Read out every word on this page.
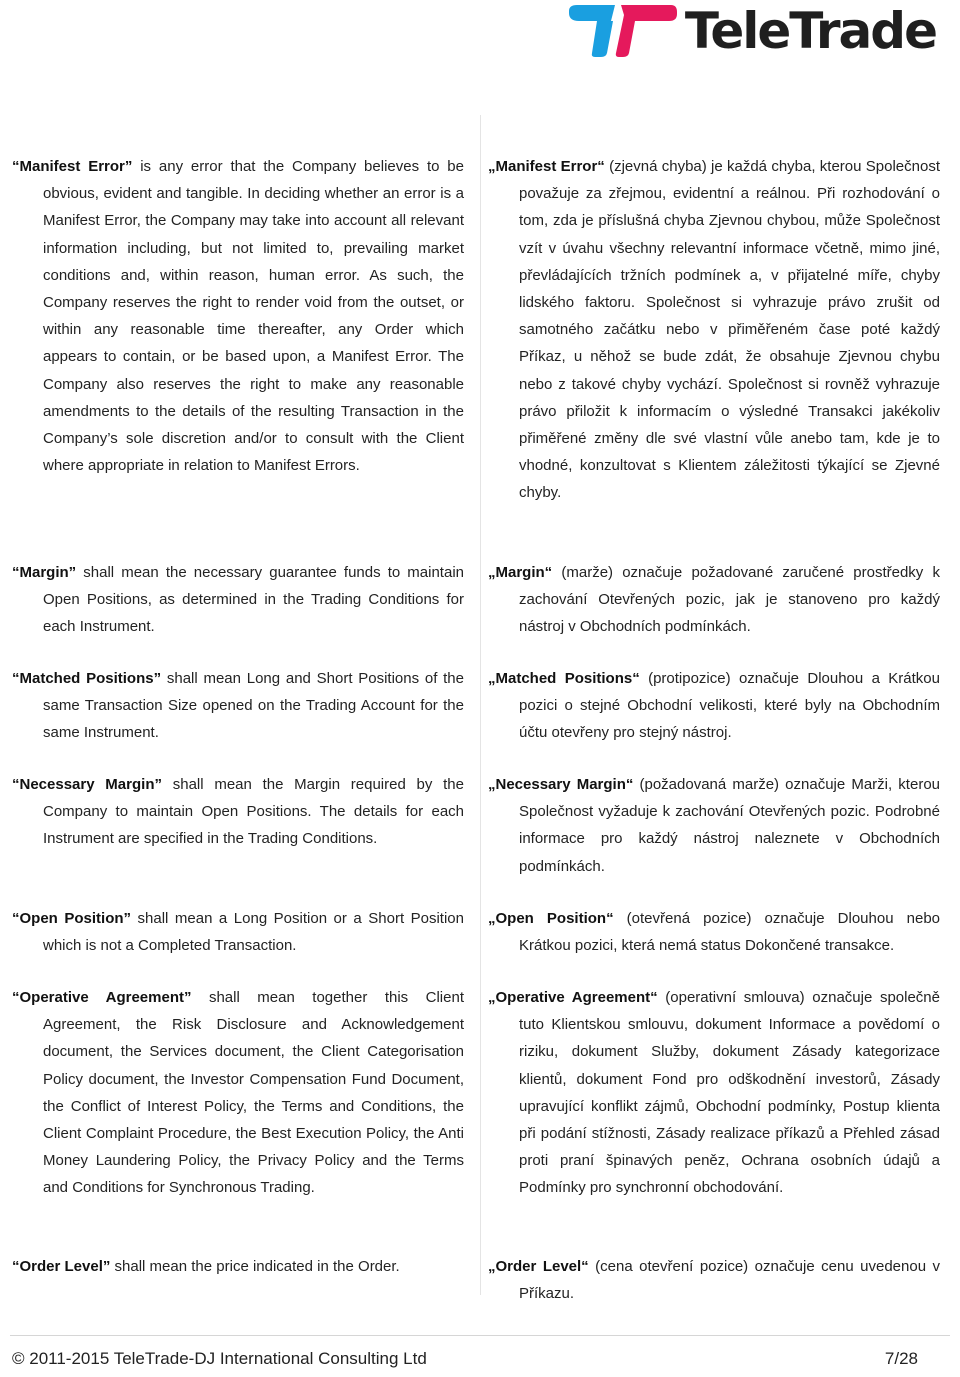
TeleTrade

“Manifest Error” is any error that the Company believes to be obvious, evident and tangible. In deciding whether an error is a Manifest Error, the Company may take into account all relevant information including, but not limited to, prevailing market conditions and, within reason, human error. As such, the Company reserves the right to render void from the outset, or within any reasonable time thereafter, any Order which appears to contain, or be based upon, a Manifest Error. The Company also reserves the right to make any reasonable amendments to the details of the resulting Transaction in the Company’s sole discretion and/or to consult with the Client where appropriate in relation to Manifest Errors.

“Margin” shall mean the necessary guarantee funds to maintain Open Positions, as determined in the Trading Conditions for each Instrument.

“Matched Positions” shall mean Long and Short Positions of the same Transaction Size opened on the Trading Account for the same Instrument.

“Necessary Margin” shall mean the Margin required by the Company to maintain Open Positions. The details for each Instrument are specified in the Trading Conditions.

“Open Position” shall mean a Long Position or a Short Position which is not a Completed Transaction.

“Operative Agreement” shall mean together this Client Agreement, the Risk Disclosure and Acknowledgement document, the Services document, the Client Categorisation Policy document, the Investor Compensation Fund Document, the Conflict of Interest Policy, the Terms and Conditions, the Client Complaint Procedure, the Best Execution Policy, the Anti Money Laundering Policy, the Privacy Policy and the Terms and Conditions for Synchronous Trading.

“Order Level” shall mean the price indicated in the Order.

„Manifest Error“ (zjevná chyba) je každá chyba, kterou Společnost považuje za zřejmou, evidentní a reálnou. Při rozhodování o tom, zda je příslušná chyba Zjevnou chybou, může Společnost vzít v úvahu všechny relevantní informace včetně, mimo jiné, převládajících tržních podmínek a, v přijatelné míře, chyby lidského faktoru. Společnost si vyhrazuje právo zrušit od samotného začátku nebo v přiměřeném čase poté každý Příkaz, u něhož se bude zdát, že obsahuje Zjevnou chybu nebo z takové chyby vychází. Společnost si rovněž vyhrazuje právo přiložit k informacím o výsledné Transakci jakékoliv přiměřené změny dle své vlastní vůle anebo tam, kde je to vhodné, konzultovat s Klientem záležitosti týkající se Zjevné chyby.

„Margin“ (marže) označuje požadované zaručené prostředky k zachování Otevřených pozic, jak je stanoveno pro každý nástroj v Obchodních podmínkách.

„Matched Positions“ (protipozice) označuje Dlouhou a Krátkou pozici o stejné Obchodní velikosti, které byly na Obchodním účtu otevřeny pro stejný nástroj.

„Necessary Margin“ (požadovaná marže) označuje Marži, kterou Společnost vyžaduje k zachování Otevřených pozic. Podrobné informace pro každý nástroj naleznete v Obchodních podmínkách.

„Open Position“ (otevřená pozice) označuje Dlouhou nebo Krátkou pozici, která nemá status Dokončené transakce.

„Operative Agreement“ (operativní smlouva) označuje společně tuto Klientskou smlouvu, dokument Informace a povědomí o riziku, dokument Služby, dokument Zásady kategorizace klientů, dokument Fond pro odškodnění investorů, Zásady upravující konflikt zájmů, Obchodní podmínky, Postup klienta při podání stížnosti, Zásady realizace příkazů a Přehled zásad proti praní špinavých peněz, Ochrana osobních údajů a Podmínky pro synchronní obchodování.

„Order Level“ (cena otevření pozice) označuje cenu uvedenou v Příkazu.

© 2011-2015 TeleTrade-DJ International Consulting Ltd	7/28
